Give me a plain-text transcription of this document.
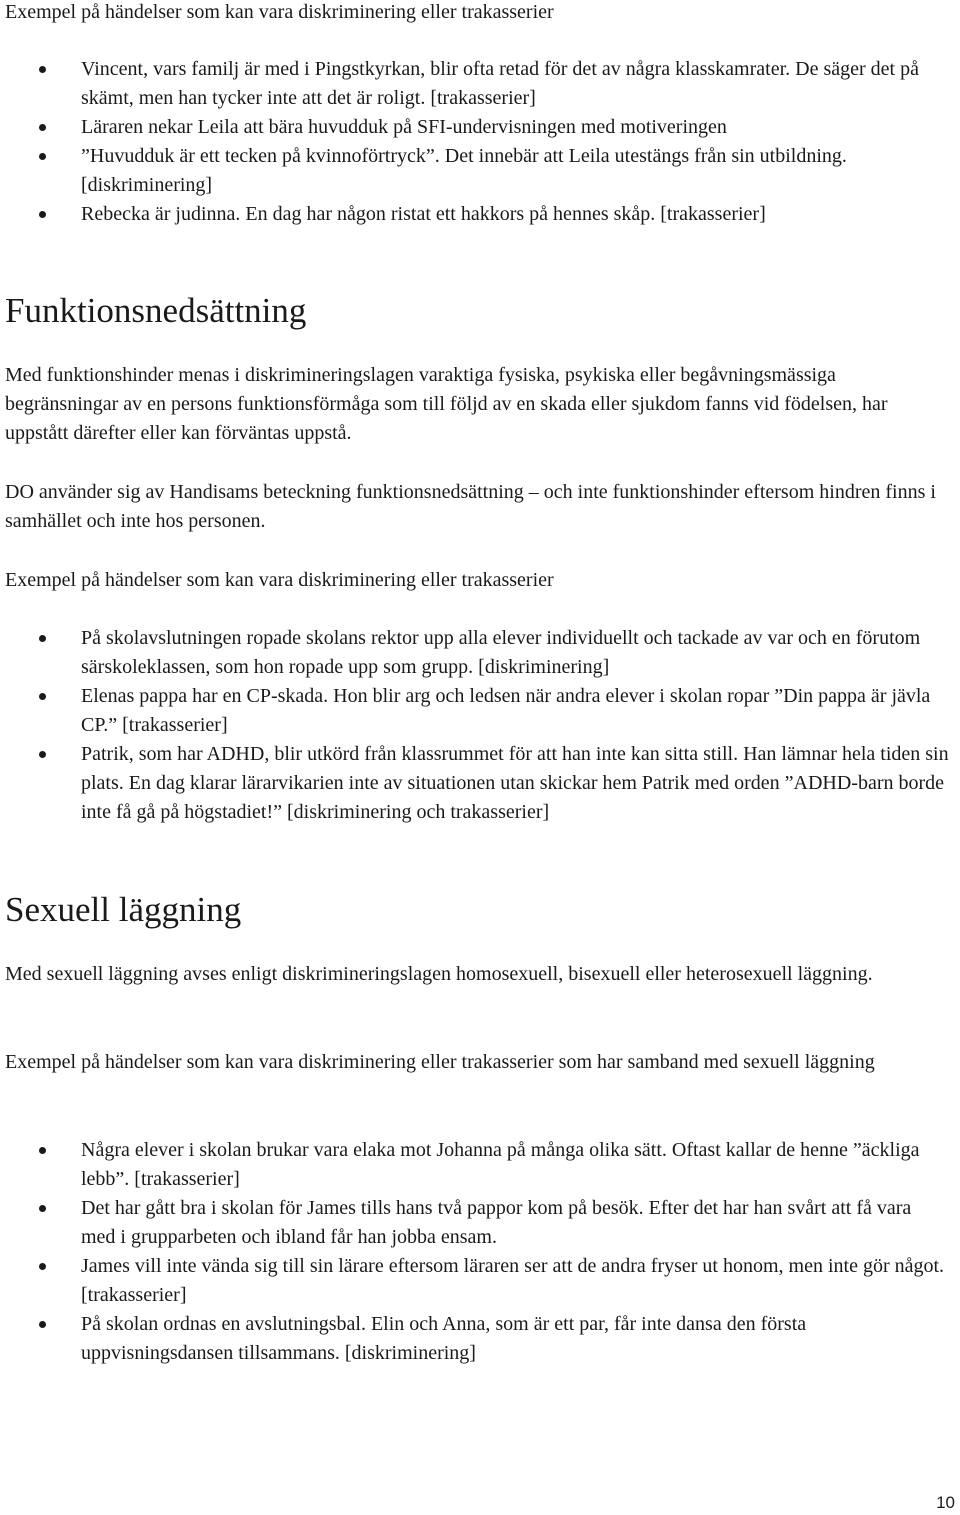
Exempel på händelser som kan vara diskriminering eller trakasserier

Vincent, vars familj är med i Pingstkyrkan, blir ofta retad för det av några klasskamrater. De säger det på skämt, men han tycker inte att det är roligt. [trakasserier]
Läraren nekar Leila att bära huvudduk på SFI-undervisningen med motiveringen
”Huvudduk är ett tecken på kvinnoförtryck”. Det innebär att Leila utestängs från sin utbildning. [diskriminering]
Rebecka är judinna. En dag har någon ristat ett hakkors på hennes skåp. [trakasserier]
Funktionsnedsättning

Med funktionshinder menas i diskrimineringslagen varaktiga fysiska, psykiska eller begåvningsmässiga begränsningar av en persons funktionsförmåga som till följd av en skada eller sjukdom fanns vid födelsen, har uppstått därefter eller kan förväntas uppstå.

DO använder sig av Handisams beteckning funktionsnedsättning – och inte funktionshinder eftersom hindren finns i samhället och inte hos personen.

Exempel på händelser som kan vara diskriminering eller trakasserier

På skolavslutningen ropade skolans rektor upp alla elever individuellt och tackade av var och en förutom särskoleklassen, som hon ropade upp som grupp. [diskriminering]
Elenas pappa har en CP-skada. Hon blir arg och ledsen när andra elever i skolan ropar ”Din pappa är jävla CP.” [trakasserier]
Patrik, som har ADHD, blir utkörd från klassrummet för att han inte kan sitta still. Han lämnar hela tiden sin plats. En dag klarar lärarvikarien inte av situationen utan skickar hem Patrik med orden ”ADHD-barn borde inte få gå på högstadiet!” [diskriminering och trakasserier]
Sexuell läggning

Med sexuell läggning avses enligt diskrimineringslagen homosexuell, bisexuell eller heterosexuell läggning.

Exempel på händelser som kan vara diskriminering eller trakasserier som har samband med sexuell läggning

Några elever i skolan brukar vara elaka mot Johanna på många olika sätt. Oftast kallar de henne ”äckliga lebb”. [trakasserier]
Det har gått bra i skolan för James tills hans två pappor kom på besök. Efter det har han svårt att få vara med i grupparbeten och ibland får han jobba ensam.
James vill inte vända sig till sin lärare eftersom läraren ser att de andra fryser ut honom, men inte gör något. [trakasserier]
På skolan ordnas en avslutningsbal. Elin och Anna, som är ett par, får inte dansa den första uppvisningsdansen tillsammans. [diskriminering]
10
